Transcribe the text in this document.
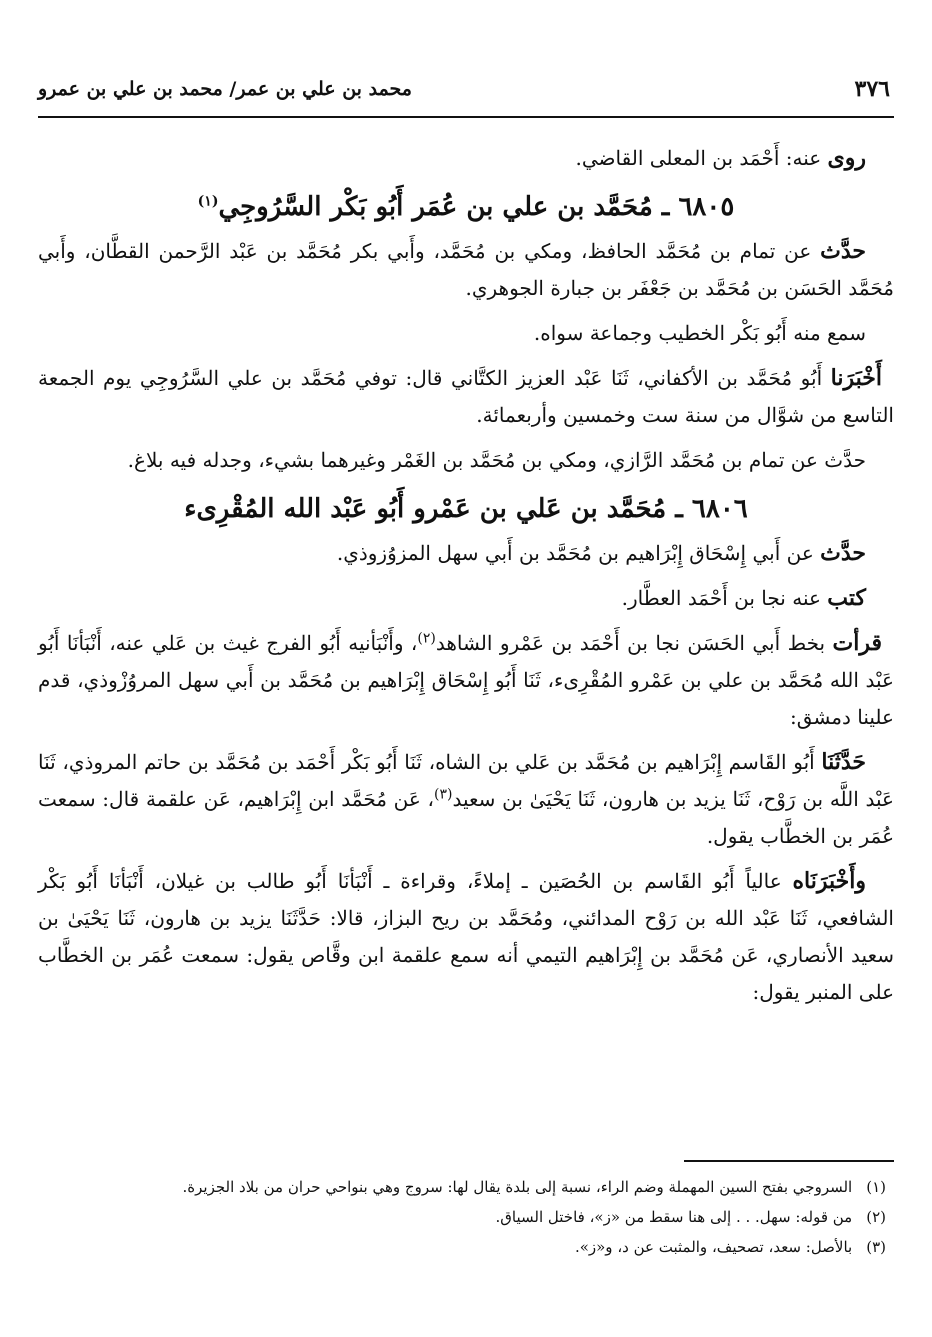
٣٧٦
محمد بن علي بن عمر/ محمد بن علي بن عمرو

روى عنه: أَحْمَد بن المعلى القاضي.

٦٨٠٥ ـ مُحَمَّد بن علي بن عُمَر أَبُو بَكْر السَّرُوجِي$^{(١)}$

حدَّث عن تمام بن مُحَمَّد الحافظ، ومكي بن مُحَمَّد، وأَبي بكر مُحَمَّد بن عَبْد الرَّحمن القطَّان، وأَبي مُحَمَّد الحَسَن بن مُحَمَّد بن جَعْفَر بن جبارة الجوهري.

سمع منه أَبُو بَكْر الخطيب وجماعة سواه.

أَخْبَرَنا أَبُو مُحَمَّد بن الأكفاني، ثَنَا عَبْد العزيز الكتَّاني قال: توفي مُحَمَّد بن علي السَّرُوجِي يوم الجمعة التاسع من شوَّال من سنة ست وخمسين وأربعمائة.

حدَّث عن تمام بن مُحَمَّد الرَّازي، ومكي بن مُحَمَّد بن الغَمْر وغيرهما بشيء، وجدله فيه بلاغ.

٦٨٠٦ ـ مُحَمَّد بن عَلي بن عَمْرو أَبُو عَبْد الله المُقْرِىء

حدَّث عن أَبي إِسْحَاق إِبْرَاهيم بن مُحَمَّد بن أَبي سهل المزوُزوذي.

كتب عنه نجا بن أَحْمَد العطَّار.

قرأت بخط أَبي الحَسَن نجا بن أَحْمَد بن عَمْرو الشاهد$^{(٢)}$، وأَنْبَأنيه أَبُو الفرج غيث بن عَلي عنه، أَنْبَأنَا أَبُو عَبْد الله مُحَمَّد بن علي بن عَمْرو المُقْرِىء، ثَنَا أَبُو إِسْحَاق إِبْرَاهيم بن مُحَمَّد بن أَبي سهل المروُزْوذي، قدم علينا دمشق:

حَدَّثَنَا أَبُو القَاسم إِبْرَاهيم بن مُحَمَّد بن عَلي بن الشاه، ثَنَا أَبُو بَكْر أَحْمَد بن مُحَمَّد بن حاتم المروذي، ثَنَا عَبْد اللَّه بن رَوْح، ثَنَا يزيد بن هارون، ثَنَا يَحْيَىٰ بن سعيد$^{(٣)}$، عَن مُحَمَّد ابن إِبْرَاهيم، عَن علقمة قال: سمعت عُمَر بن الخطَّاب يقول.

وأَخْبَرَنَاه عالياً أَبُو القَاسم بن الحُصَين ـ إملاءً، وقراءة ـ أَنْبَأنَا أَبُو طالب بن غيلان، أَنْبَأنَا أَبُو بَكْر الشافعي، ثَنَا عَبْد الله بن رَوْح المدائني، ومُحَمَّد بن ريح البزاز، قالا: حَدَّثَنَا يزيد بن هارون، ثَنَا يَحْيَىٰ بن سعيد الأنصاري، عَن مُحَمَّد بن إِبْرَاهيم التيمي أنه سمع علقمة ابن وقَّاص يقول: سمعت عُمَر بن الخطَّاب على المنبر يقول:

(١)السروجي بفتح السين المهملة وضم الراء، نسبة إلى بلدة يقال لها: سروج وهي بنواحي حران من بلاد الجزيرة.

(٢)من قوله: سهل. . . إلى هنا سقط من «ز»، فاختل السياق.

(٣)بالأصل: سعد، تصحيف، والمثبت عن د، و«ز».
